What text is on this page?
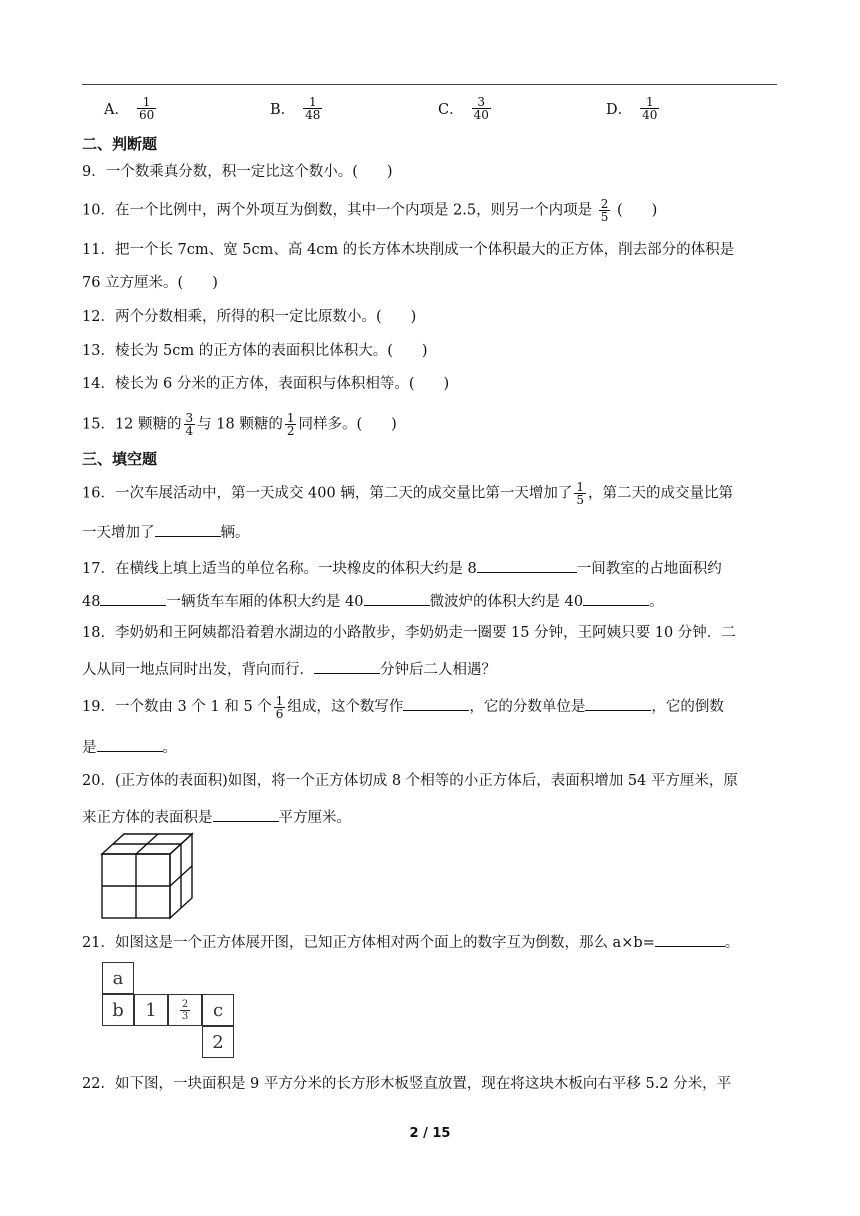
A． $\frac{1}{60}$	B． $\frac{1}{48}$	C． $\frac{3}{40}$	D． $\frac{1}{40}$
二、判断题
9．一个数乘真分数，积一定比这个数小。(　　)
10．在一个比例中，两个外项互为倒数，其中一个内项是 2.5，则另一个内项是 $\frac{2}{5}$ (　　)
11．把一个长 7cm、宽 5cm、高 4cm 的长方体木块削成一个体积最大的正方体，削去部分的体积是
76 立方厘米。(　　)
12．两个分数相乘，所得的积一定比原数小。(　　)
13．棱长为 5cm 的正方体的表面积比体积大。(　　)
14．棱长为 6 分米的正方体，表面积与体积相等。(　　)
15．12 颗糖的 $\frac{3}{4}$ 与 18 颗糖的 $\frac{1}{2}$ 同样多。(　　)
三、填空题
16．一次车展活动中，第一天成交 400 辆，第二天的成交量比第一天增加了 $\frac{1}{5}$ ，第二天的成交量比第
一天增加了	辆。
17．在横线上填上适当的单位名称。一块橡皮的体积大约是 8	一间教室的占地面积约
48	一辆货车车厢的体积大约是 40	微波炉的体积大约是 40	。
18．李奶奶和王阿姨都沿着碧水湖边的小路散步，李奶奶走一圈要 15 分钟，王阿姨只要 10 分钟．二
人从同一地点同时出发，背向而行．	分钟后二人相遇？
19．一个数由 3 个 1 和 5 个 $\frac{1}{6}$ 组成，这个数写作	，它的分数单位是	，它的倒数
是	。
20．(正方体的表面积)如图，将一个正方体切成 8 个相等的小正方体后，表面积增加 54 平方厘米，原
来正方体的表面积是	平方厘米。
21．如图这是一个正方体展开图，已知正方体相对两个面上的数字互为倒数，那么 a×b=	。
a
b	1	$\frac{2}{3}$	c
2
22．如下图，一块面积是 9 平方分米的长方形木板竖直放置，现在将这块木板向右平移 5.2 分米，平
2 / 15
